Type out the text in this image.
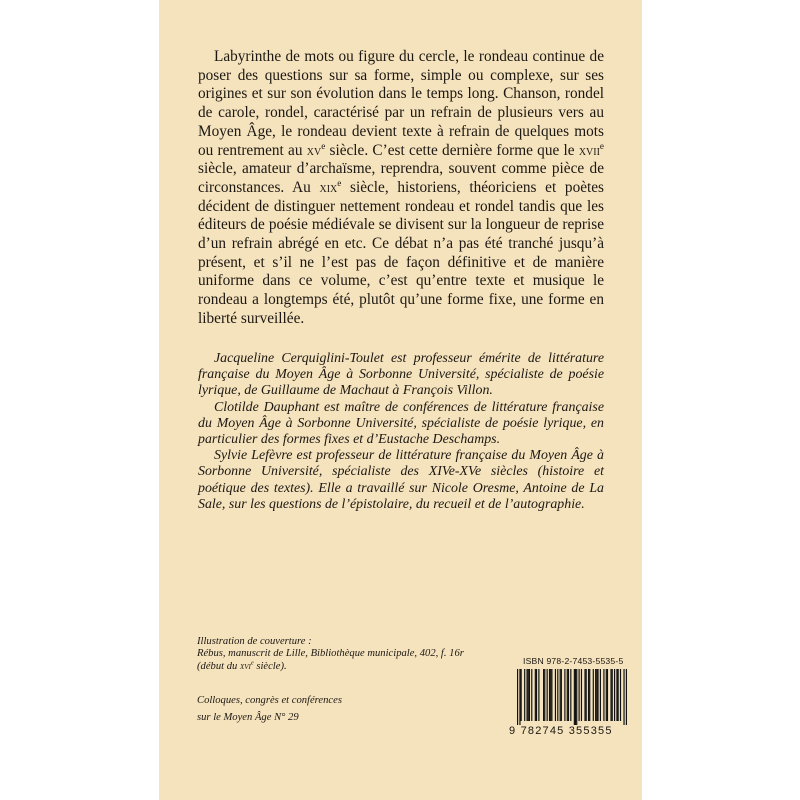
Labyrinthe de mots ou figure du cercle, le rondeau continue de poser des questions sur sa forme, simple ou complexe, sur ses origines et sur son évolution dans le temps long. Chanson, rondel de carole, rondel, caractérisé par un refrain de plusieurs vers au Moyen Âge, le rondeau devient texte à refrain de quelques mots ou rentrement au $xv^e$ siècle. C’est cette dernière forme que le xvii$^e$ siècle, amateur d’archaïsme, reprendra, souvent comme pièce de circonstances. Au xix$^e$ siècle, historiens, théoriciens et poètes décident de distinguer nettement rondeau et rondel tandis que les éditeurs de poésie médiévale se divisent sur la longueur de reprise d’un refrain abrégé en etc. Ce débat n’a pas été tranché jusqu’à présent, et s’il ne l’est pas de façon définitive et de manière uniforme dans ce volume, c’est qu’entre texte et musique le rondeau a longtemps été, plutôt qu’une forme fixe, une forme en liberté surveillée.

Jacqueline Cerquiglini-Toulet est professeur émérite de littérature française du Moyen Âge à Sorbonne Université, spécialiste de poésie lyrique, de Guillaume de Machaut à François Villon.

Clotilde Dauphant est maître de conférences de littérature française du Moyen Âge à Sorbonne Université, spécialiste de poésie lyrique, en particulier des formes fixes et d’Eustache Deschamps.

Sylvie Lefèvre est professeur de littérature française du Moyen Âge à Sorbonne Université, spécialiste des XIVe-XVe siècles (histoire et poétique des textes). Elle a travaillé sur Nicole Oresme, Antoine de La Sale, sur les questions de l’épistolaire, du recueil et de l’autographie.

Illustration de couverture :
Rébus, manuscrit de Lille, Bibliothèque municipale, 402, f. 16r
(début du xvi$^e$ siècle).
Colloques, congrès et conférences
sur le Moyen Âge N° 29
ISBN 978-2-7453-5535-5
9 782745 355355
